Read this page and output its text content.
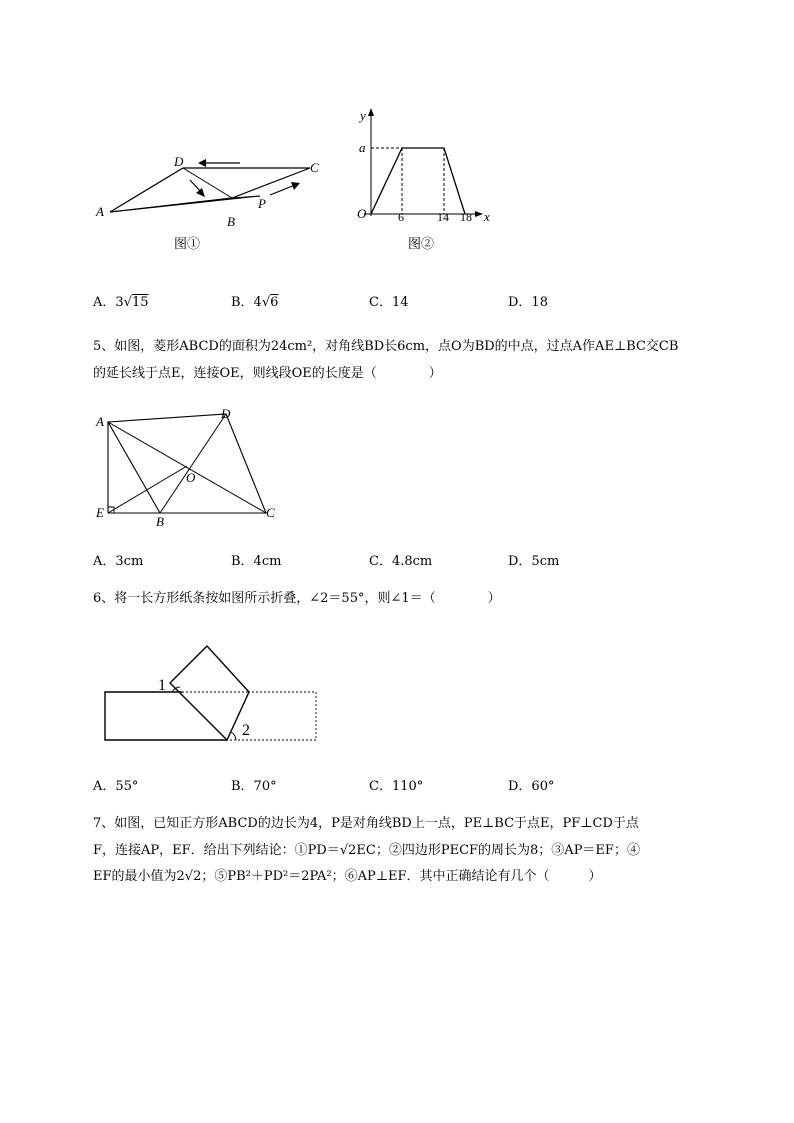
A
D	C
B
P
图①
y
a
O	6	14 18 x
图②
A．3√15	B．4√6	C．14	D．18
5、如图，菱形ABCD的面积为24cm²，对角线BD长6cm，点O为BD的中点，过点A作AE⊥BC交CB
的延长线于点E，连接OE，则线段OE的长度是（　　　　）
A
D
O
E
B
C
A．3cm	B．4cm	C．4.8cm	D．5cm
6、将一长方形纸条按如图所示折叠，∠2＝55°，则∠1＝（　　　　）
1
2
A．55°	B．70°	C．110°	D．60°
7、如图，已知正方形ABCD的边长为4，P是对角线BD上一点，PE⊥BC于点E，PF⊥CD于点
F，连接AP，EF．给出下列结论：①PD＝√2EC；②四边形PECF的周长为8；③AP＝EF；④
EF的最小值为2√2；⑤PB²＋PD²＝2PA²；⑥AP⊥EF．其中正确结论有几个（　　　）
